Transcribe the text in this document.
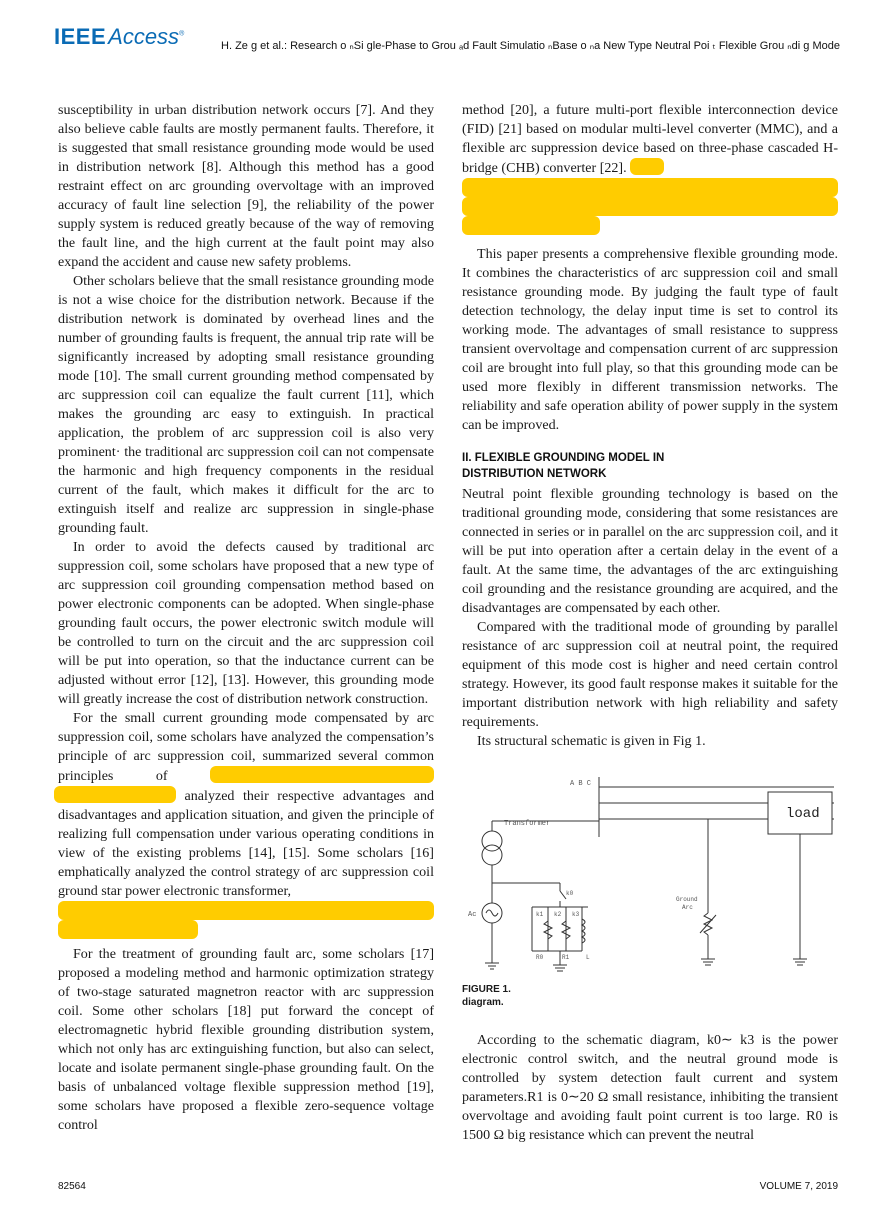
IEEEAccess®
H. Ze ɡ et al.: Research o ₙSi ɡle-Phase to Grou ₐd Fault Simulatio ₙBase o ₙa New Type Neutral Poi ₜ Flexible Grou ₙdi ɡ Mode

susceptibility in urban distribution network occurs [7]. And they also believe cable faults are mostly permanent faults. Therefore, it is suggested that small resistance grounding mode would be used in distribution network [8]. Although this method has a good restraint effect on arc grounding overvoltage with an improved accuracy of fault line selection [9], the reliability of the power supply system is reduced greatly because of the way of removing the fault line, and the high current at the fault point may also expand the accident and cause new safety problems.

Other scholars believe that the small resistance grounding mode is not a wise choice for the distribution network. Because if the distribution network is dominated by overhead lines and the number of grounding faults is frequent, the annual trip rate will be significantly increased by adopting small resistance grounding mode [10]. The small current grounding method compensated by arc suppression coil can equalize the fault current [11], which makes the grounding arc easy to extinguish. In practical application, the problem of arc suppression coil is also very prominent· the traditional arc suppression coil can not compensate the harmonic and high frequency components in the residual current of the fault, which makes it difficult for the arc to extinguish itself and realize arc suppression in single-phase grounding fault.

In order to avoid the defects caused by traditional arc suppression coil, some scholars have proposed that a new type of arc suppression coil grounding compensation method based on power electronic components can be adopted. When single-phase grounding fault occurs, the power electronic switch module will be controlled to turn on the circuit and the arc suppression coil will be put into operation, so that the inductance current can be adjusted without error [12], [13]. However, this grounding mode will greatly increase the cost of distribution network construction.

For the small current grounding mode compensated by arc suppression coil, some scholars have analyzed the compensation’s principle of arc suppression coil, summarized several common principles of   analyzed their respective advantages and disadvantages and application situation, and given the principle of realizing full compensation under various operating conditions in view of the existing problems [14], [15]. Some scholars [16] emphatically analyzed the control strategy of arc suppression coil ground star power electronic transformer,

For the treatment of grounding fault arc, some scholars [17] proposed a modeling method and harmonic optimization strategy of two-stage saturated magnetron reactor with arc suppression coil. Some other scholars [18] put forward the concept of electromagnetic hybrid flexible grounding distribution system, which not only has arc extinguishing function, but also can select, locate and isolate permanent single-phase grounding fault. On the basis of unbalanced voltage flexible suppression method [19], some scholars have proposed a flexible zero-sequence voltage control

method [20], a future multi-port flexible interconnection device (FID) [21] based on modular multi-level converter (MMC), and a flexible arc suppression device based on three-phase cascaded H-bridge (CHB) converter [22].

This paper presents a comprehensive flexible grounding mode. It combines the characteristics of arc suppression coil and small resistance grounding mode. By judging the fault type of fault detection technology, the delay input time is set to control its working mode. The advantages of small resistance to suppress transient overvoltage and compensation current of arc suppression coil are brought into full play, so that this grounding mode can be used more flexibly in different transmission networks. The reliability and safe operation ability of power supply in the system can be improved.

II. FLEXIBLE GROUNDING MODEL IN
DISTRIBUTION NETWORK

Neutral point flexible grounding technology is based on the traditional grounding mode, considering that some resistances are connected in series or in parallel on the arc suppression coil, and it will be put into operation after a certain delay in the event of a fault. At the same time, the advantages of the arc extinguishing coil grounding and the resistance grounding are acquired, and the disadvantages are compensated by each other.

Compared with the traditional mode of grounding by parallel resistance of arc suppression coil at neutral point, the required equipment of this mode cost is higher and need certain control strategy. However, its good fault response makes it suitable for the important distribution network with high reliability and safety requirements.

Its structural schematic is given in Fig 1.

A B C
load
Transformer
Ac
k0
k1 k2 k3
R0	R1	L
Ground
Arc
FIGURE 1.
diagram.

According to the schematic diagram, k0∼ k3 is the power electronic control switch, and the neutral ground mode is controlled by system detection fault current and system parameters.R1 is 0∼20 Ω small resistance, inhibiting the transient overvoltage and avoiding fault point current is too large. R0 is 1500 Ω big resistance which can prevent the neutral

82564	VOLUME 7, 2019
